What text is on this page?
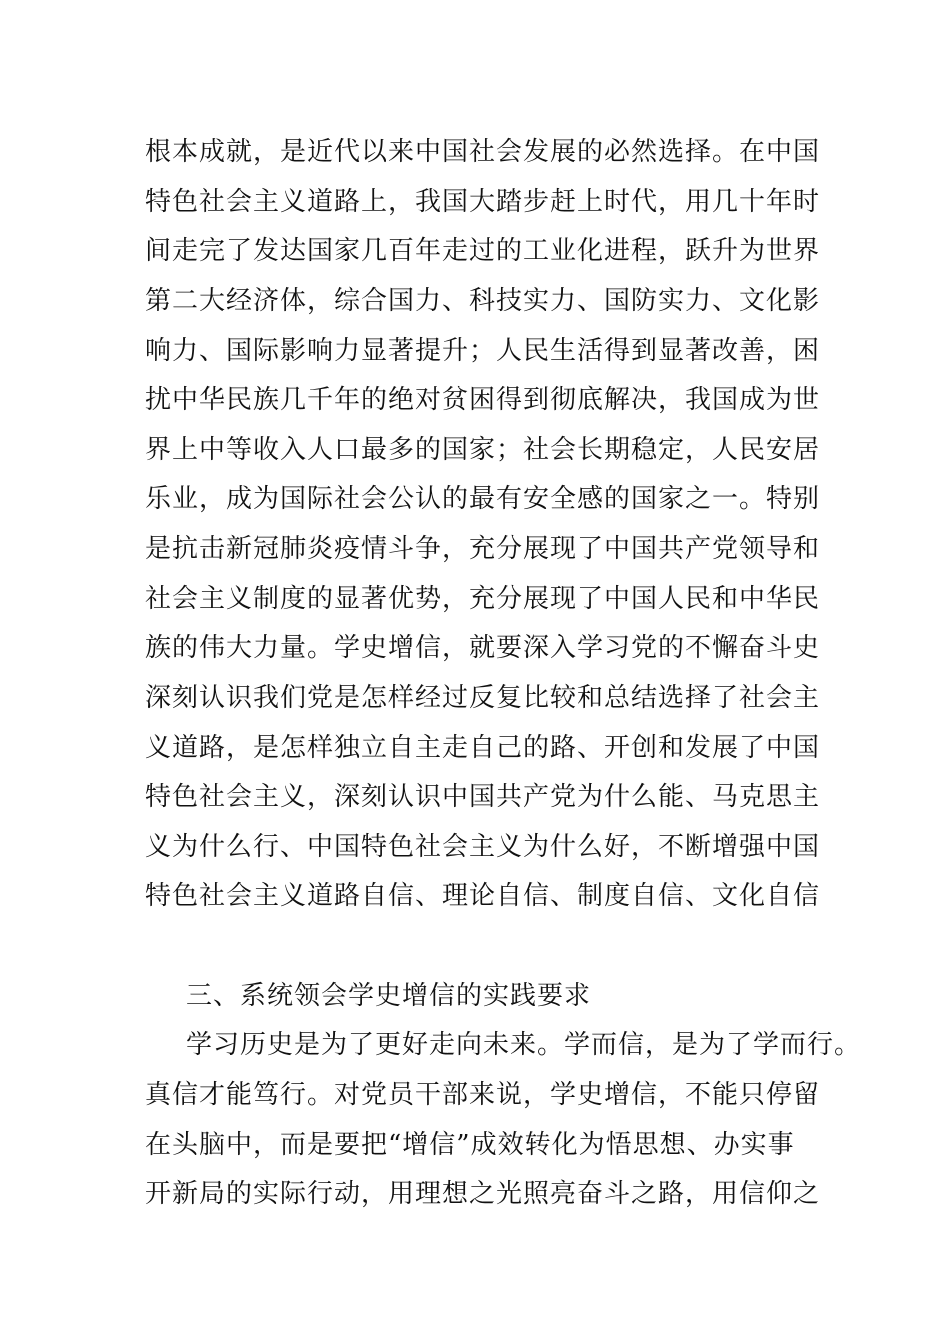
根本成就，是近代以来中国社会发展的必然选择。在中国
特色社会主义道路上，我国大踏步赶上时代，用几十年时
间走完了发达国家几百年走过的工业化进程，跃升为世界
第二大经济体，综合国力、科技实力、国防实力、文化影
响力、国际影响力显著提升；人民生活得到显著改善，困
扰中华民族几千年的绝对贫困得到彻底解决，我国成为世
界上中等收入人口最多的国家；社会长期稳定，人民安居
乐业，成为国际社会公认的最有安全感的国家之一。特别
是抗击新冠肺炎疫情斗争，充分展现了中国共产党领导和
社会主义制度的显著优势，充分展现了中国人民和中华民
族的伟大力量。学史增信，就要深入学习党的不懈奋斗史
深刻认识我们党是怎样经过反复比较和总结选择了社会主
义道路，是怎样独立自主走自己的路、开创和发展了中国
特色社会主义，深刻认识中国共产党为什么能、马克思主
义为什么行、中国特色社会主义为什么好，不断增强中国
特色社会主义道路自信、理论自信、制度自信、文化自信
三、系统领会学史增信的实践要求
学习历史是为了更好走向未来。学而信，是为了学而行。
真信才能笃行。对党员干部来说，学史增信，不能只停留
在头脑中，而是要把“增信”成效转化为悟思想、办实事
开新局的实际行动，用理想之光照亮奋斗之路，用信仰之
